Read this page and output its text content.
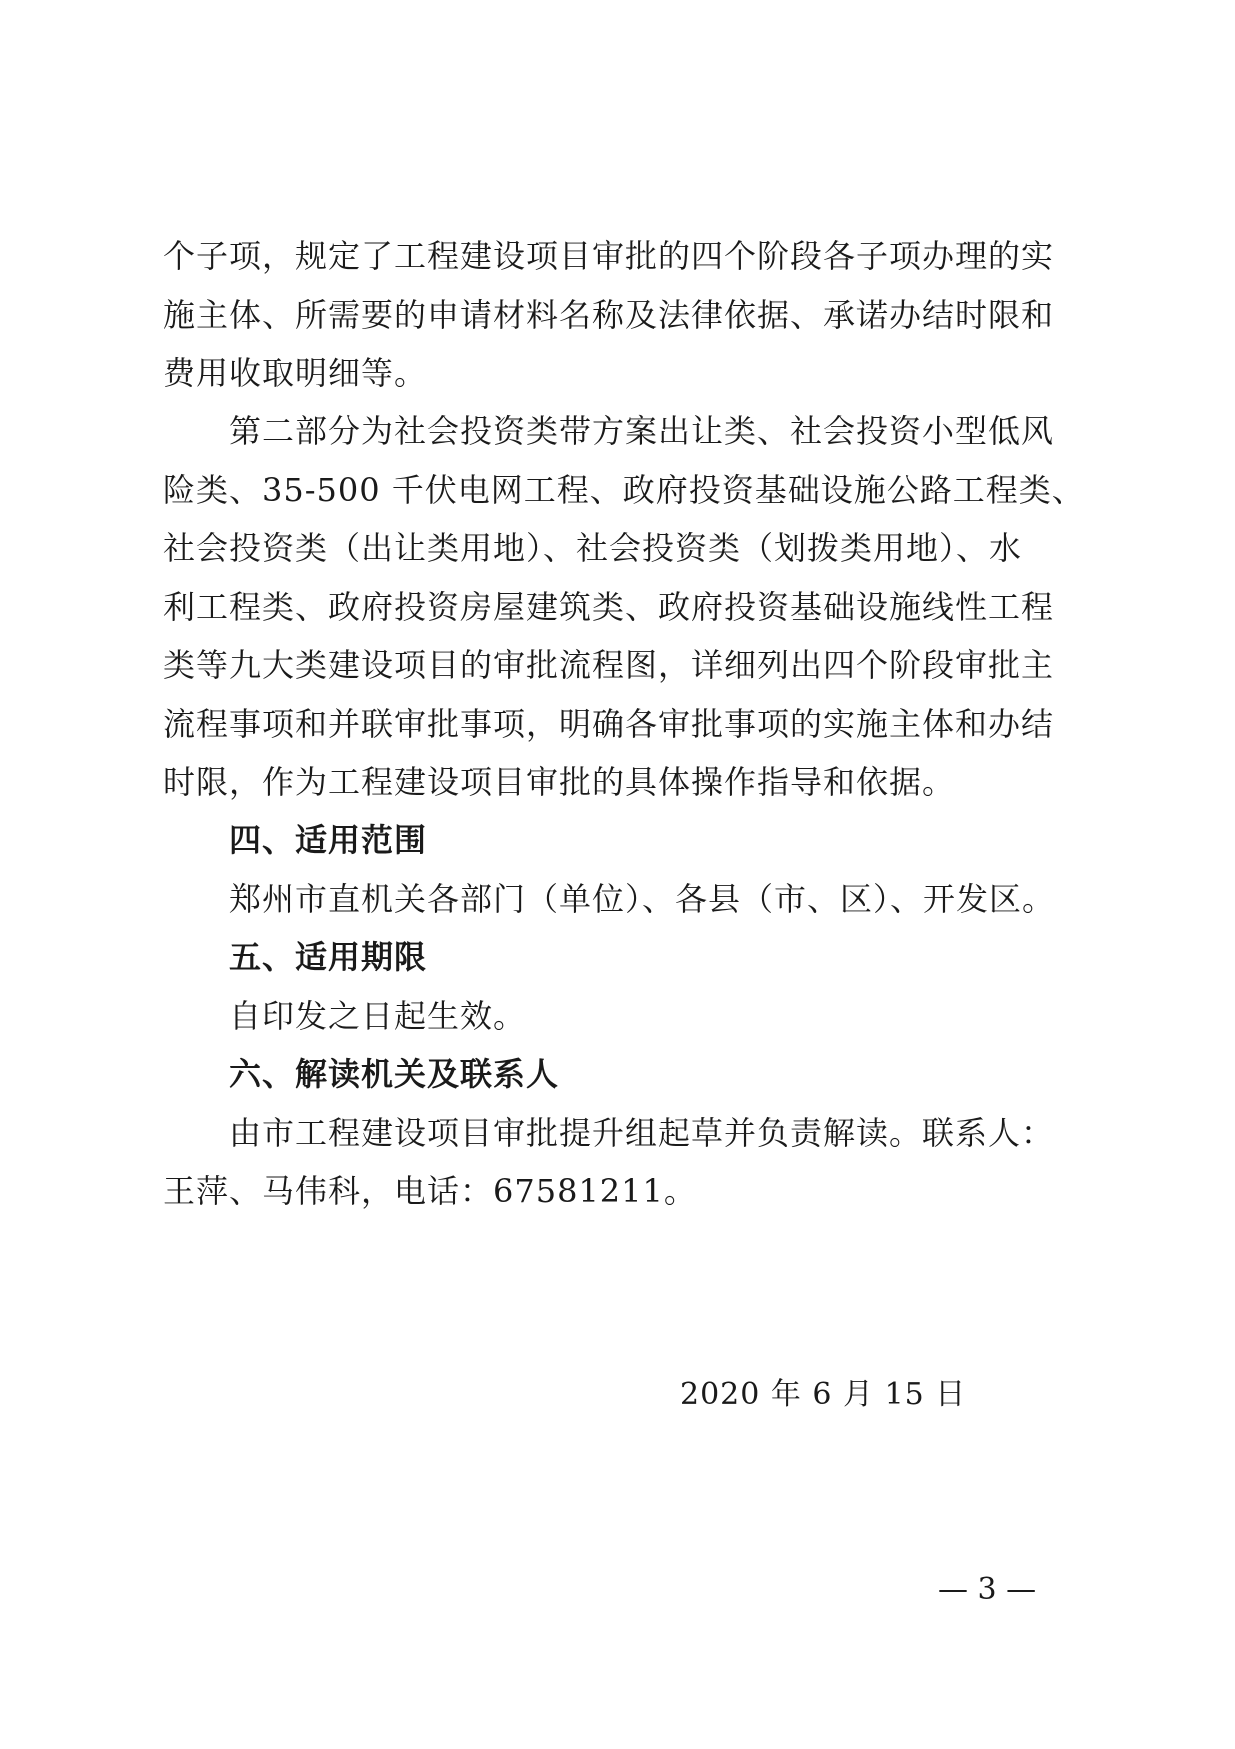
个子项，规定了工程建设项目审批的四个阶段各子项办理的实
施主体、所需要的申请材料名称及法律依据、承诺办结时限和
费用收取明细等。
第二部分为社会投资类带方案出让类、社会投资小型低风
险类、35-500 千伏电网工程、政府投资基础设施公路工程类、
社会投资类（出让类用地）、社会投资类（划拨类用地）、水
利工程类、政府投资房屋建筑类、政府投资基础设施线性工程
类等九大类建设项目的审批流程图，详细列出四个阶段审批主
流程事项和并联审批事项，明确各审批事项的实施主体和办结
时限，作为工程建设项目审批的具体操作指导和依据。
四、适用范围
郑州市直机关各部门（单位）、各县（市、区）、开发区。
五、适用期限
自印发之日起生效。
六、解读机关及联系人
由市工程建设项目审批提升组起草并负责解读。联系人：
王萍、马伟科，电话：67581211。
2020 年 6 月 15 日
— 3 —
